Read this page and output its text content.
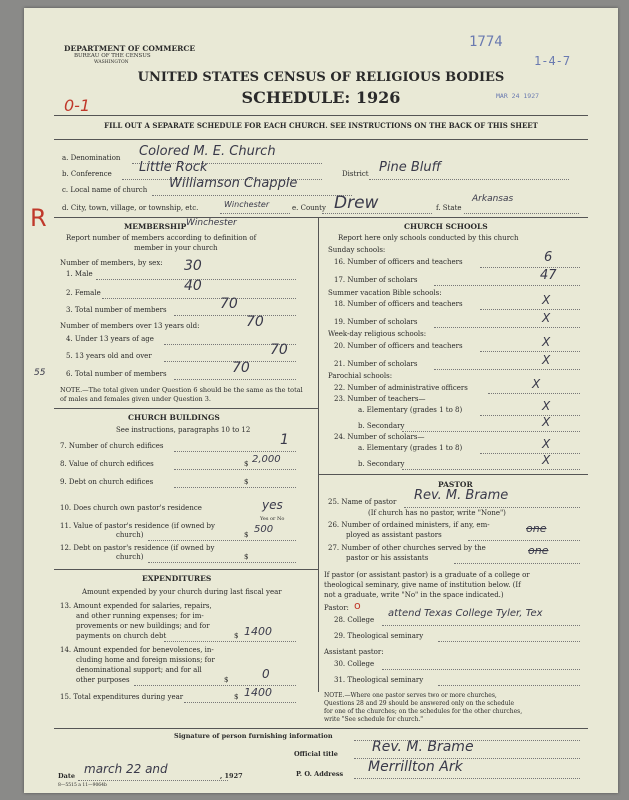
DEPARTMENT OF COMMERCE
BUREAU OF THE CENSUS
WASHINGTON
1774
1-4-7
MAR 24 1927
UNITED STATES CENSUS OF RELIGIOUS BODIES
SCHEDULE: 1926
0-1
FILL OUT A SEPARATE SCHEDULE FOR EACH CHURCH. SEE INSTRUCTIONS ON THE BACK OF THIS SHEET
R
a. Denomination Colored M. E. Church
b. Conference Little Rock	District Pine Bluff
c. Local name of church Williamson Chapple
d. City, town, village, or township, etc.	Winchester	e. County Drew	f. State
Arkansas
MEMBERSHIP Winchester
Report number of members according to definition of
member in your church
Number of members, by sex:
1. Male	30
2. Female	40
3. Total number of members	70
Number of members over 13 years old:	70
4. Under 13 years of age
5. 13 years old and over	70
55	6. Total number of members	70
NOTE.—The total given under Question 6 should be the same as the total of males and females given under Question 3.
CHURCH BUILDINGS
See instructions, paragraphs 10 to 12
7. Number of church edifices	1
8. Value of church edifices	$ 2,000
9. Debt on church edifices	$
10. Does church own pastor's residence	yes
Yes or No
11. Value of pastor's residence (if owned by
church)	$ 500
12. Debt on pastor's residence (if owned by
church)	$
EXPENDITURES
Amount expended by your church during last fiscal year
13. Amount expended for salaries, repairs,
and other running expenses; for im-
provements or new buildings; and for
payments on church debt	$ 1400
14. Amount expended for benevolences, in-
cluding home and foreign missions; for
denominational support; and for all
other purposes	$	0
15. Total expenditures during year	$ 1400
CHURCH SCHOOLS
Report here only schools conducted by this church
Sunday schools:
16. Number of officers and teachers	6
17. Number of scholars	47
Summer vacation Bible schools:
18. Number of officers and teachers	X
19. Number of scholars	X
Week-day religious schools:
20. Number of officers and teachers	X
21. Number of scholars	X
Parochial schools:
22. Number of administrative officers	X
23. Number of teachers—
a. Elementary (grades 1 to 8)	X
b. Secondary	X
24. Number of scholars—
a. Elementary (grades 1 to 8)	X
b. Secondary	X
PASTOR
25. Name of pastor Rev. M. Brame
(If church has no pastor, write "None")
26. Number of ordained ministers, if any, em-
ployed as assistant pastors	one
27. Number of other churches served by the
pastor or his assistants
one
If pastor (or assistant pastor) is a graduate of a college or
theological seminary, give name of institution below. (If
not a graduate, write "No" in the space indicated.)
Pastor: o
28. College
attend Texas College Tyler, Tex
29. Theological seminary
Assistant pastor:
30. College
31. Theological seminary
NOTE.—Where one pastor serves two or more churches,
Questions 28 and 29 should be answered only on the schedule
for one of the churches; on the schedules for the other churches,
write "See schedule for church."
Signature of person furnishing information
Official title Rev. M. Brame
Date march 22 and	, 1927	P. O. Address Merrillton Ark
8—5515 a 11—9064b
